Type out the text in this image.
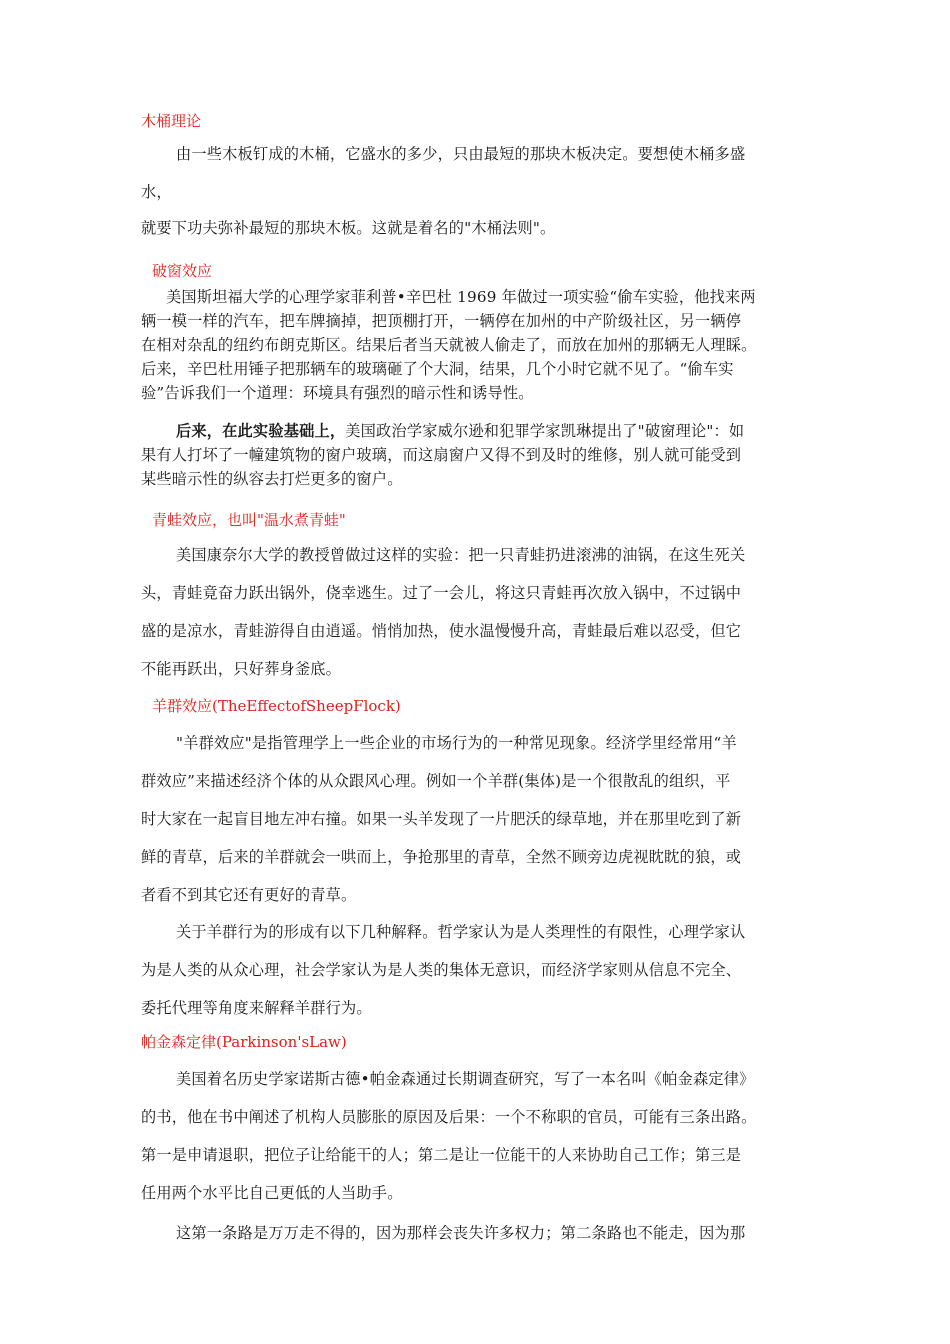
木桶理论
由一些木板钉成的木桶，它盛水的多少，只由最短的那块木板决定。要想使木桶多盛
水，
就要下功夫弥补最短的那块木板。这就是着名的"木桶法则"。
破窗效应
美国斯坦福大学的心理学家菲利普•辛巴杜 1969 年做过一项实验“偷车实验，他找来两
辆一模一样的汽车，把车牌摘掉，把顶棚打开，一辆停在加州的中产阶级社区，另一辆停
在相对杂乱的纽约布朗克斯区。结果后者当天就被人偷走了，而放在加州的那辆无人理睬。
后来，辛巴杜用锤子把那辆车的玻璃砸了个大洞，结果，几个小时它就不见了。“偷车实
验”告诉我们一个道理：环境具有强烈的暗示性和诱导性。
后来，在此实验基础上，美国政治学家威尔逊和犯罪学家凯琳提出了"破窗理论"：如
果有人打坏了一幢建筑物的窗户玻璃，而这扇窗户又得不到及时的维修，别人就可能受到
某些暗示性的纵容去打烂更多的窗户。
青蛙效应，也叫"温水煮青蛙"
美国康奈尔大学的教授曾做过这样的实验：把一只青蛙扔进滚沸的油锅，在这生死关
头，青蛙竟奋力跃出锅外，侥幸逃生。过了一会儿，将这只青蛙再次放入锅中，不过锅中
盛的是凉水，青蛙游得自由逍遥。悄悄加热，使水温慢慢升高，青蛙最后难以忍受，但它
不能再跃出，只好葬身釜底。
羊群效应(TheEffectofSheepFlock)
"羊群效应"是指管理学上一些企业的市场行为的一种常见现象。经济学里经常用“羊
群效应”来描述经济个体的从众跟风心理。例如一个羊群(集体)是一个很散乱的组织，平
时大家在一起盲目地左冲右撞。如果一头羊发现了一片肥沃的绿草地，并在那里吃到了新
鲜的青草，后来的羊群就会一哄而上，争抢那里的青草，全然不顾旁边虎视眈眈的狼，或
者看不到其它还有更好的青草。
关于羊群行为的形成有以下几种解释。哲学家认为是人类理性的有限性，心理学家认
为是人类的从众心理，社会学家认为是人类的集体无意识，而经济学家则从信息不完全、
委托代理等角度来解释羊群行为。
帕金森定律(Parkinson'sLaw)
美国着名历史学家诺斯古德•帕金森通过长期调查研究，写了一本名叫《帕金森定律》
的书，他在书中阐述了机构人员膨胀的原因及后果：一个不称职的官员，可能有三条出路。
第一是申请退职，把位子让给能干的人；第二是让一位能干的人来协助自己工作；第三是
任用两个水平比自己更低的人当助手。
这第一条路是万万走不得的，因为那样会丧失许多权力；第二条路也不能走，因为那
